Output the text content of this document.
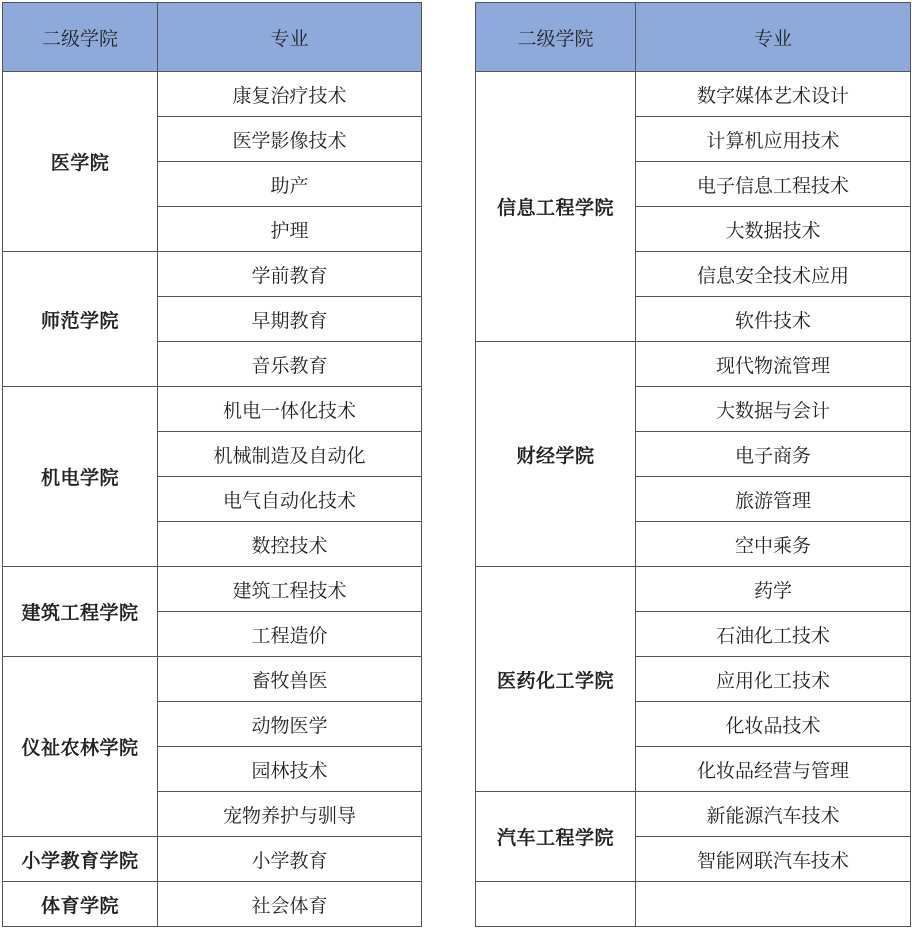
二级学院	专业
医学院	康复治疗技术
	医学影像技术
	助产
	护理
师范学院	学前教育
	早期教育
	音乐教育
机电学院	机电一体化技术
	机械制造及自动化
	电气自动化技术
	数控技术
建筑工程学院	建筑工程技术
	工程造价
仪祉农林学院	畜牧兽医
	动物医学
	园林技术
	宠物养护与驯导
小学教育学院	小学教育
体育学院	社会体育
二级学院	专业
信息工程学院	数字媒体艺术设计
	计算机应用技术
	电子信息工程技术
	大数据技术
	信息安全技术应用
	软件技术
财经学院	现代物流管理
	大数据与会计
	电子商务
	旅游管理
	空中乘务
医药化工学院	药学
	石油化工技术
	应用化工技术
	化妆品技术
	化妆品经营与管理
汽车工程学院	新能源汽车技术
	智能网联汽车技术
